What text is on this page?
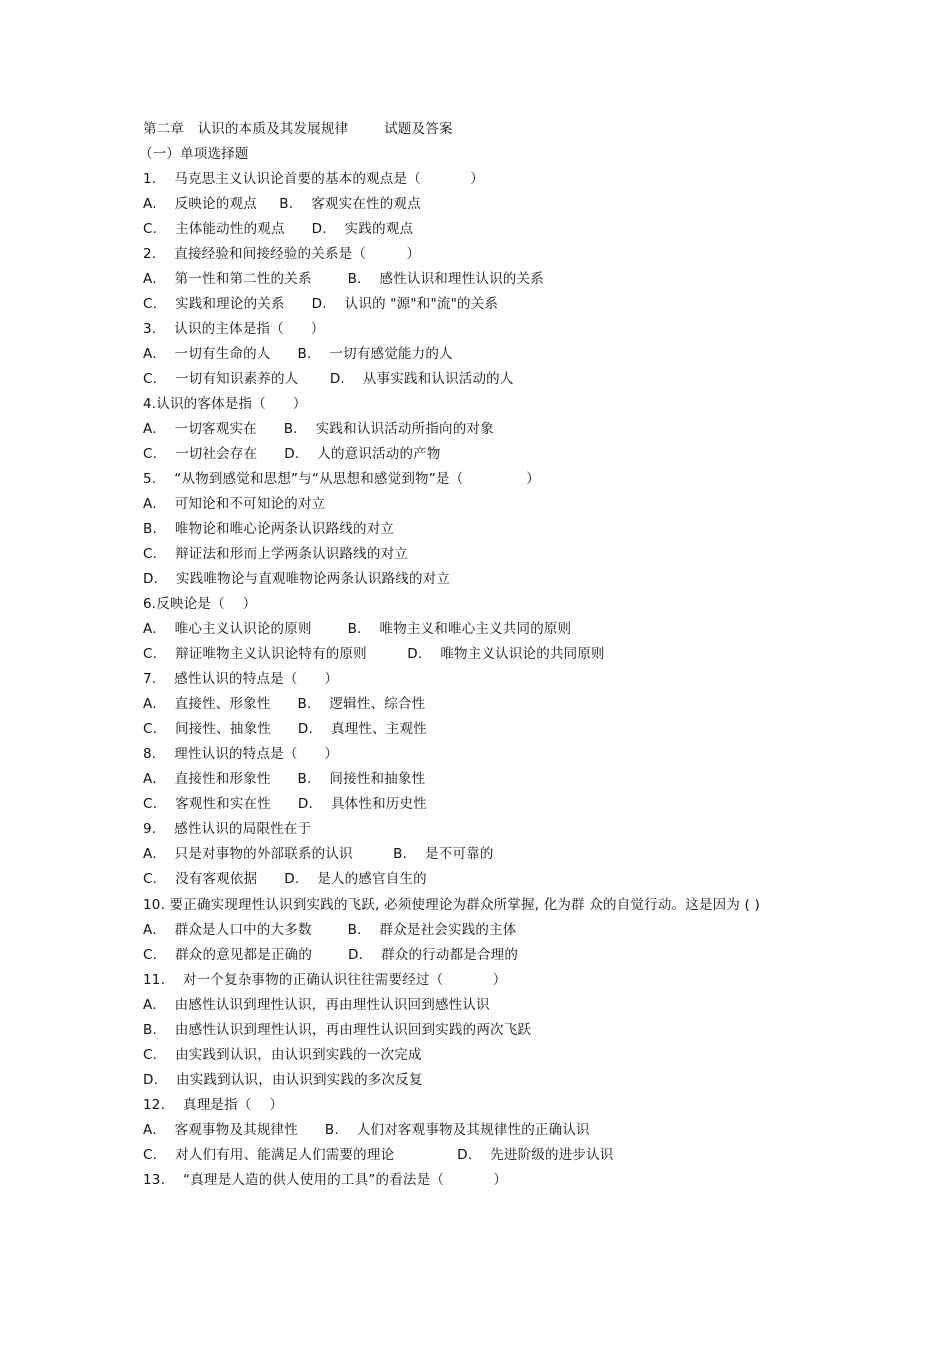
第二章   认识的本质及其发展规律        试题及答案
（一）单项选择题
1.    马克思主义认识论首要的基本的观点是（           ）
A.    反映论的观点     B.    客观实在性的观点
C.    主体能动性的观点      D.    实践的观点
2.    直接经验和间接经验的关系是（         ）
A.    第一性和第二性的关系        B.    感性认识和理性认识的关系
C.    实践和理论的关系      D.    认识的 "源"和"流"的关系
3.    认识的主体是指（      ）
A.    一切有生命的人      B.    一切有感觉能力的人
C.    一切有知识素养的人       D.    从事实践和认识活动的人
4.认识的客体是指（      ）
A.    一切客观实在      B.    实践和认识活动所指向的对象
C.    一切社会存在      D.    人的意识活动的产物
5.    “从物到感觉和思想”与“从思想和感觉到物”是（              ）
A.    可知论和不可知论的对立
B.    唯物论和唯心论两条认识路线的对立
C.    辩证法和形而上学两条认识路线的对立
D.    实践唯物论与直观唯物论两条认识路线的对立
6.反映论是（    ）
A.    唯心主义认识论的原则        B.    唯物主义和唯心主义共同的原则
C.    辩证唯物主义认识论特有的原则         D.    唯物主义认识论的共同原则
7.    感性认识的特点是（      ）
A.    直接性、形象性      B.    逻辑性、综合性
C.    间接性、抽象性      D.    真理性、主观性
8.    理性认识的特点是（      ）
A.    直接性和形象性      B.    间接性和抽象性
C.    客观性和实在性      D.    具体性和历史性
9.    感性认识的局限性在于
A.    只是对事物的外部联系的认识         B.    是不可靠的
C.    没有客观依据      D.    是人的感官自生的
10. 要正确实现理性认识到实践的飞跃, 必须使理论为群众所掌握, 化为群 众的自觉行动。这是因为 ( )
A.    群众是人口中的大多数        B.    群众是社会实践的主体
C.    群众的意见都是正确的        D.    群众的行动都是合理的
11.    对一个复杂事物的正确认识往往需要经过（           ）
A.    由感性认识到理性认识，再由理性认识回到感性认识
B.    由感性认识到理性认识，再由理性认识回到实践的两次飞跃
C.    由实践到认识，由认识到实践的一次完成
D.    由实践到认识，由认识到实践的多次反复
12.    真理是指（    ）
A.    客观事物及其规律性      B.    人们对客观事物及其规律性的正确认识
C.    对人们有用、能满足人们需要的理论              D.    先进阶级的进步认识
13.    “真理是人造的供人使用的工具”的看法是（           ）
